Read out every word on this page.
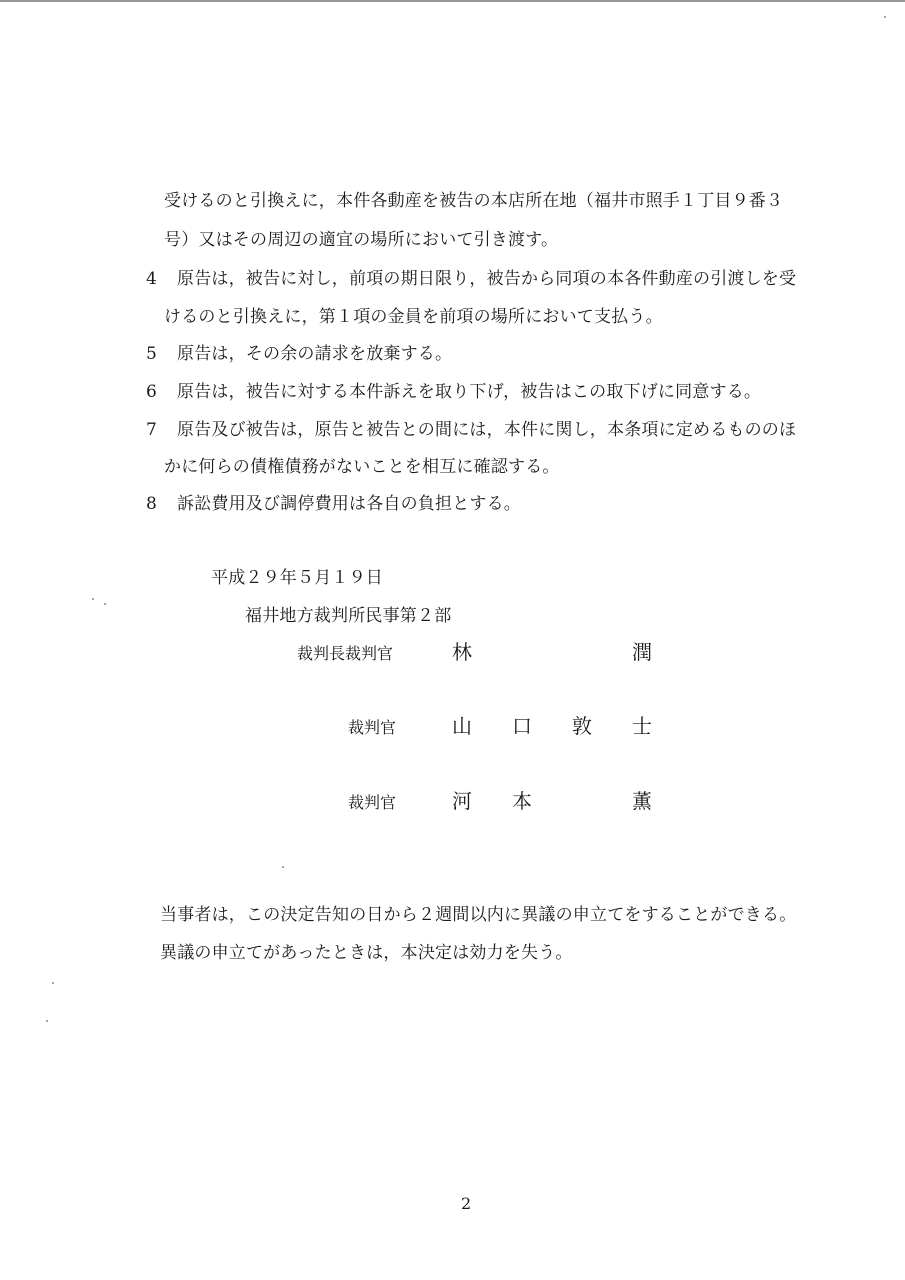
受けるのと引換えに，本件各動産を被告の本店所在地（福井市照手１丁目９番３
号）又はその周辺の適宜の場所において引き渡す。
4 原告は，被告に対し，前項の期日限り，被告から同項の本各件動産の引渡しを受
けるのと引換えに，第１項の金員を前項の場所において支払う。
5 原告は，その余の請求を放棄する。
6 原告は，被告に対する本件訴えを取り下げ，被告はこの取下げに同意する。
7 原告及び被告は，原告と被告との間には，本件に関し，本条項に定めるもののほ
かに何らの債権債務がないことを相互に確認する。
8 訴訟費用及び調停費用は各自の負担とする。
平成２９年５月１９日
福井地方裁判所民事第２部
裁判長裁判官	林	潤
裁判官	山 口 敦 士
裁判官	河 本	薫
当事者は，この決定告知の日から２週間以内に異議の申立てをすることができる。
異議の申立てがあったときは，本決定は効力を失う。
2
